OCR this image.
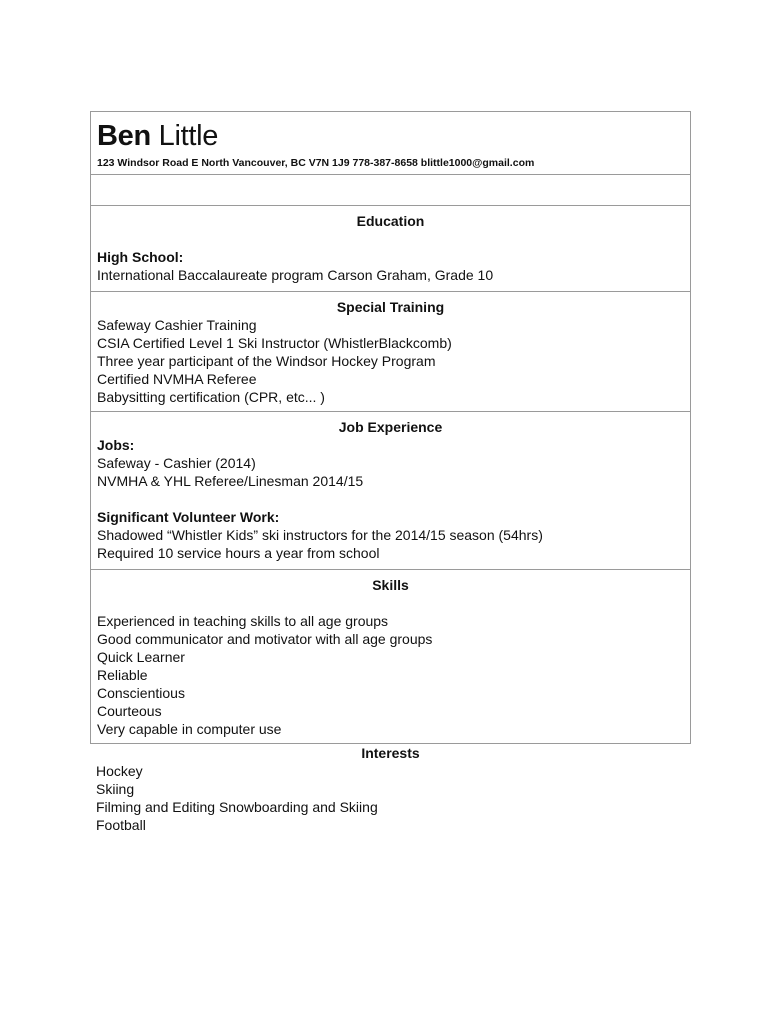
Ben Little
123 Windsor Road E North Vancouver, BC V7N 1J9 778-387-8658 blittle1000@gmail.com
Education
High School:
International Baccalaureate program Carson Graham, Grade 10
Special Training
Safeway Cashier Training
CSIA Certified Level 1 Ski Instructor (WhistlerBlackcomb)
Three year participant of the Windsor Hockey Program
Certified NVMHA Referee
Babysitting certification (CPR, etc... )
Job Experience
Jobs:
Safeway - Cashier (2014)
NVMHA & YHL Referee/Linesman 2014/15
Significant Volunteer Work:
Shadowed “Whistler Kids” ski instructors for the 2014/15 season (54hrs)
Required 10 service hours a year from school
Skills
Experienced in teaching skills to all age groups
Good communicator and motivator with all age groups
Quick Learner
Reliable
Conscientious
Courteous
Very capable in computer use
Interests
Hockey
Skiing
Filming and Editing Snowboarding and Skiing
Football
